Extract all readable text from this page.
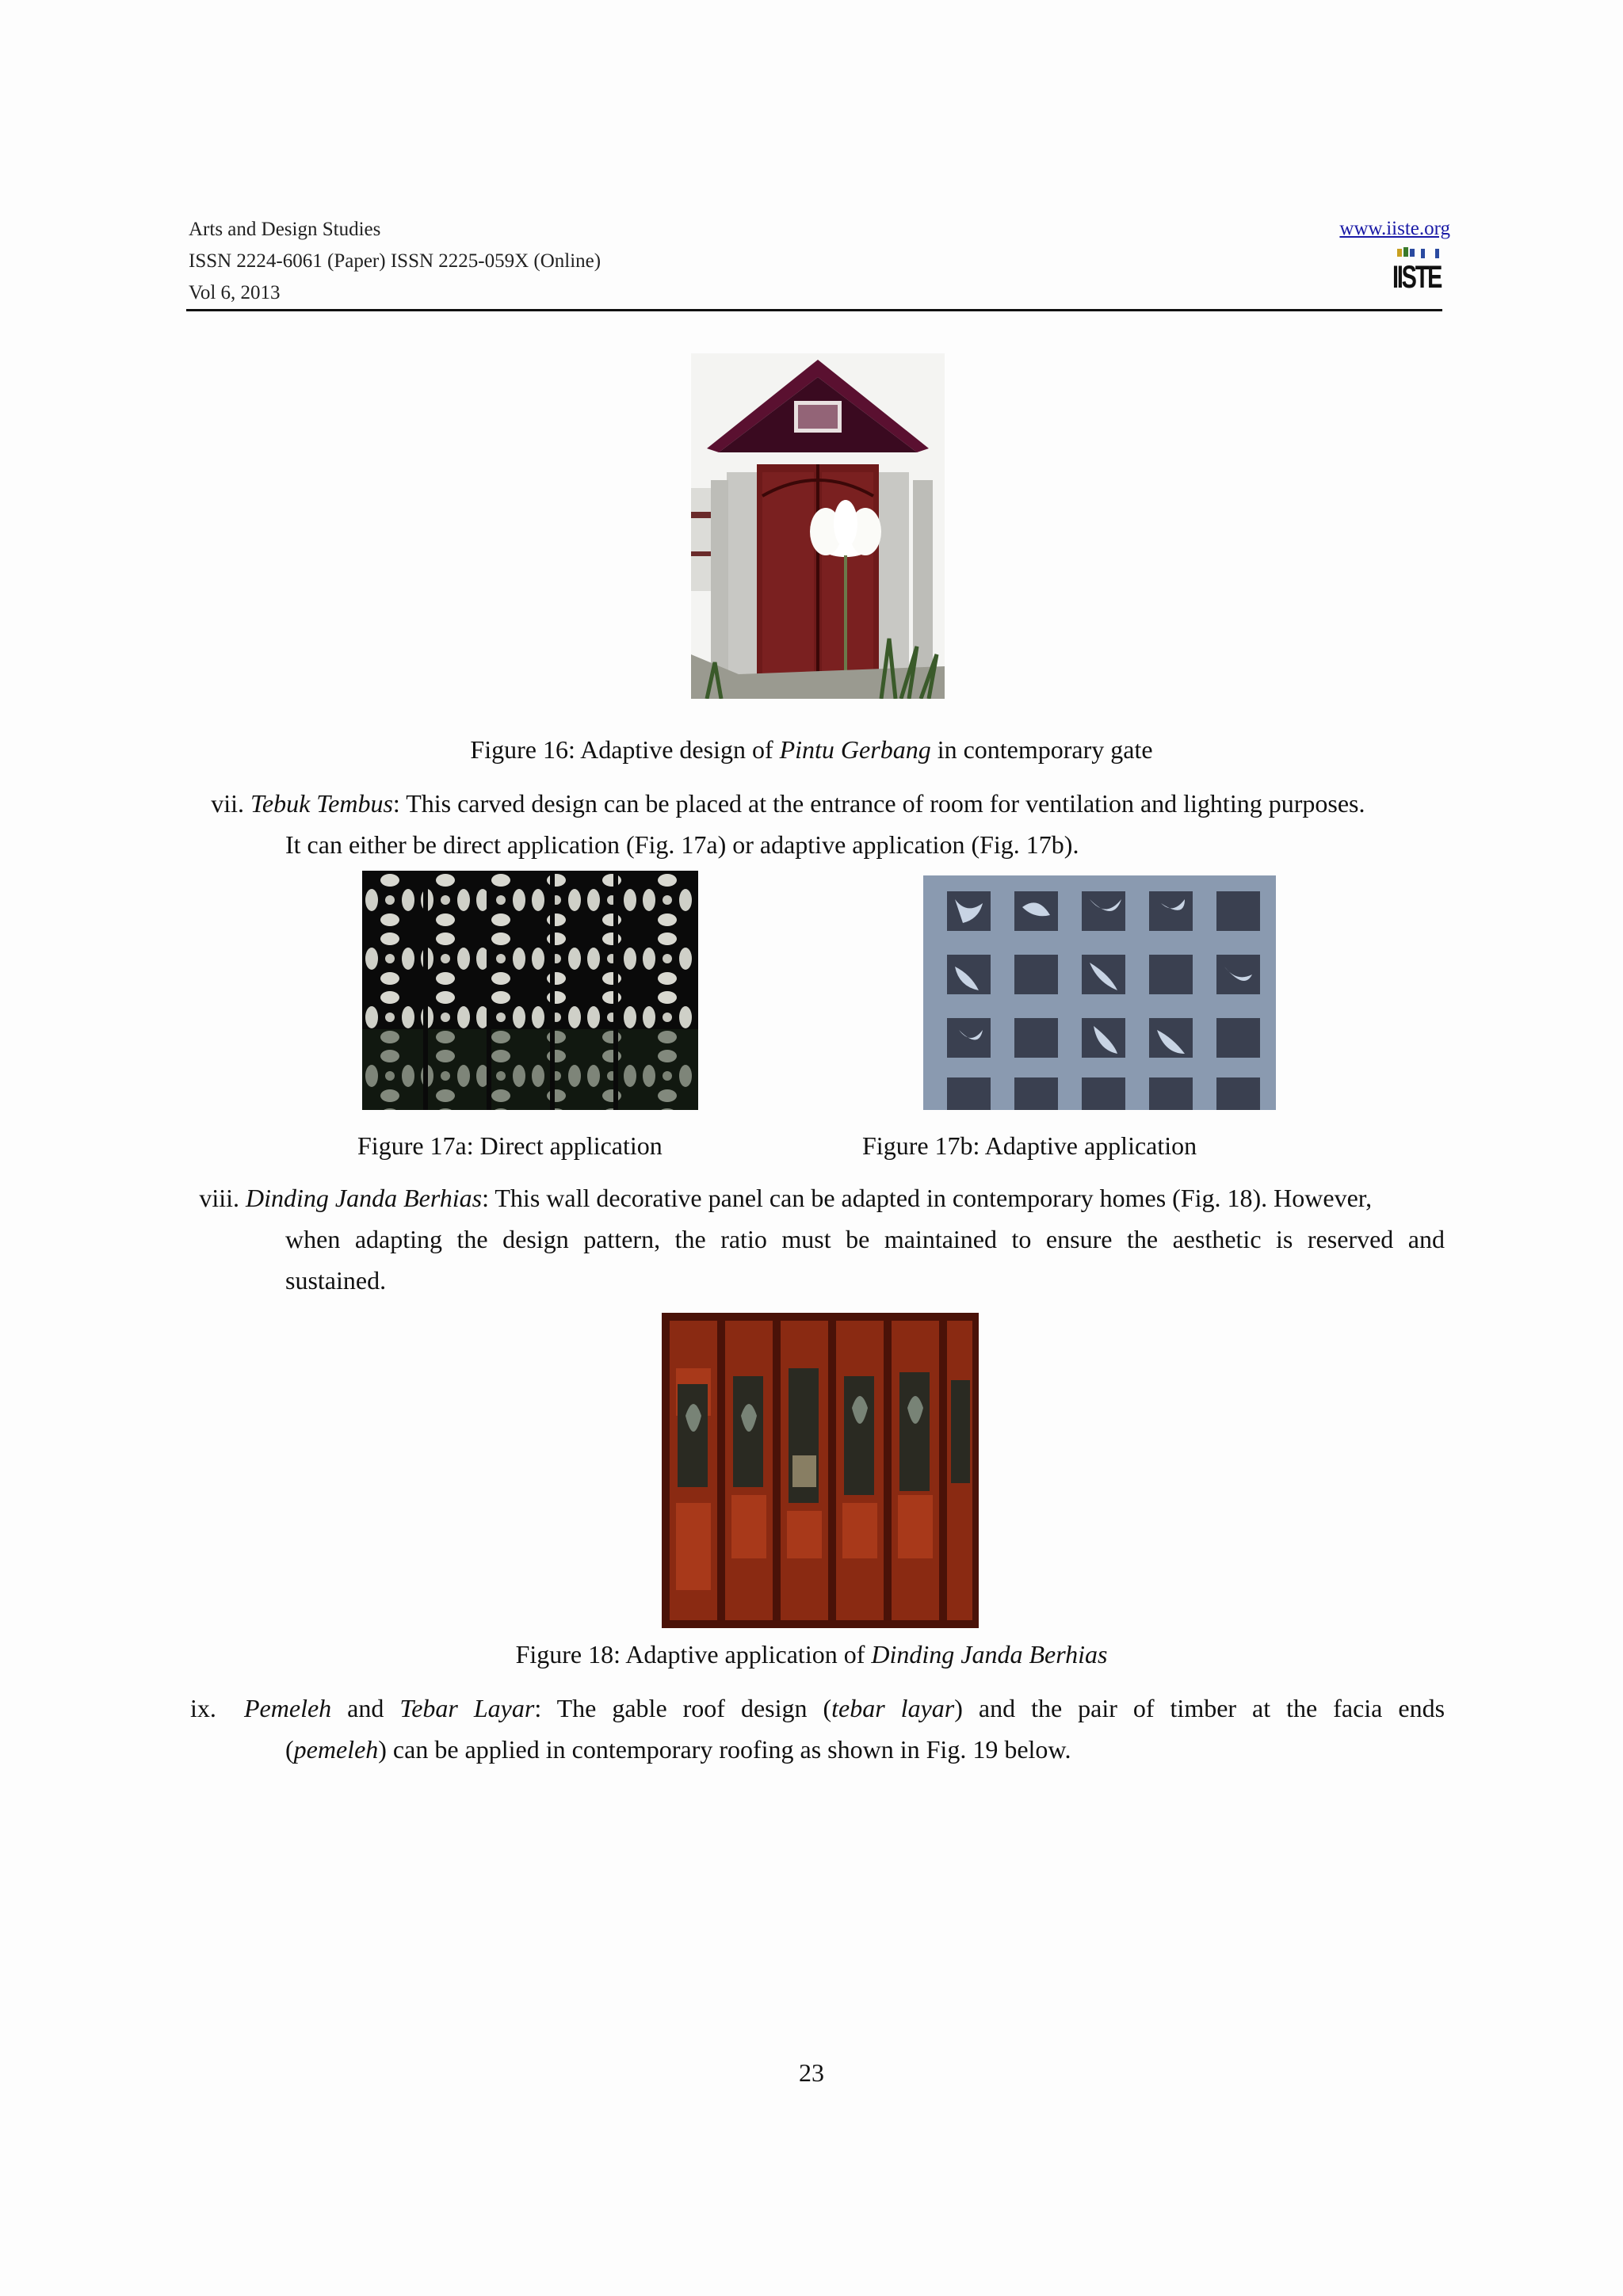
Arts and Design Studies
ISSN 2224-6061 (Paper) ISSN 2225-059X (Online)
Vol 6, 2013
www.iiste.org
IISTE
Figure 16: Adaptive design of Pintu Gerbang in contemporary gate
vii. Tebuk Tembus: This carved design can be placed at the entrance of room for ventilation and lighting purposes.
It can either be direct application (Fig. 17a) or adaptive application (Fig. 17b).
Figure 17a: Direct application	Figure 17b: Adaptive application
viii. Dinding Janda Berhias: This wall decorative panel can be adapted in contemporary homes (Fig. 18). However,
when adapting the design pattern, the ratio must be maintained to ensure the aesthetic is reserved and
sustained.
Figure 18: Adaptive application of Dinding Janda Berhias
ix. Pemeleh and Tebar Layar: The gable roof design (tebar layar) and the pair of timber at the facia ends
(pemeleh) can be applied in contemporary roofing as shown in Fig. 19 below.
23
